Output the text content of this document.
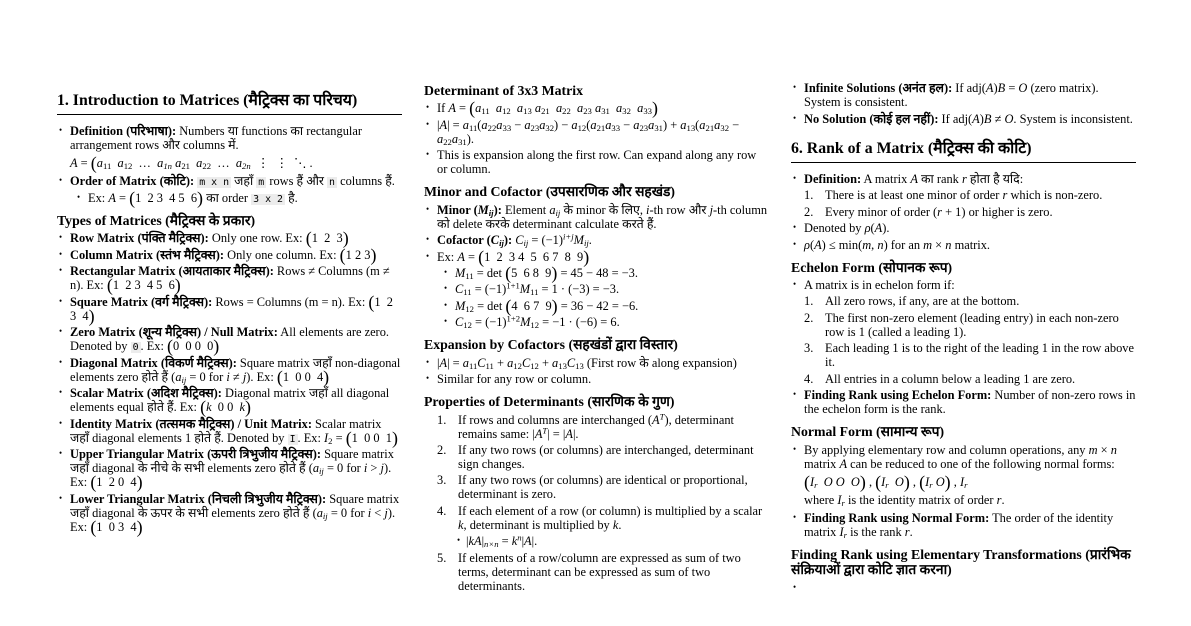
1. Introduction to Matrices (मैट्रिक्स का परिचय)
• Definition (परिभाषा): Numbers या functions का rectangular arrangement rows और columns में.
$A = (a_{11}$ $a_{12}$  …  $a_{1n}$ $a_{21}$ $a_{22}$  …  $a_{2n}$  ⋮  ⋮  ⋱ .
• Order of Matrix (कोटि): m x n जहाँ m rows हैं और n columns हैं.
• Ex: A = (1  2 3  4 5  6) का order 3 x 2 है.
Types of Matrices (मैट्रिक्स के प्रकार)
• Row Matrix (पंक्ति मैट्रिक्स): Only one row. Ex: (1  2  3)
• Column Matrix (स्तंभ मैट्रिक्स): Only one column. Ex: (1 2 3)
• Rectangular Matrix (आयताकार मैट्रिक्स): Rows ≠ Columns (m ≠ n). Ex: (1  2 3  4 5  6)
• Square Matrix (वर्ग मैट्रिक्स): Rows = Columns (m = n). Ex: (1  2 3  4)
• Zero Matrix (शून्य मैट्रिक्स) / Null Matrix: All elements are zero. Denoted by 0 . Ex: (0  0 0  0)
• Diagonal Matrix (विकर्ण मैट्रिक्स): Square matrix जहाँ non-diagonal elements zero होते हैं ($a_{ij} = 0$ for i ≠ j). Ex: (1  0 0  4)
• Scalar Matrix (अदिश मैट्रिक्स): Diagonal matrix जहाँ all diagonal elements equal होते हैं. Ex: (k  0 0  k)
• Identity Matrix (तत्समक मैट्रिक्स) / Unit Matrix: Scalar matrix जहाँ diagonal elements 1 होते हैं. Denoted by I . Ex: $I_2 = (1$  0 0  1)
• Upper Triangular Matrix (ऊपरी त्रिभुजीय मैट्रिक्स): Square matrix जहाँ diagonal के नीचे के सभी elements zero होते हैं ($a_{ij} = 0$ for i > j). Ex: (1  2 0  4)
• Lower Triangular Matrix (निचली त्रिभुजीय मैट्रिक्स): Square matrix जहाँ diagonal के ऊपर के सभी elements zero होते हैं ($a_{ij} = 0$ for i < j). Ex: (1  0 3  4)
Determinant of 3x3 Matrix
• If $A = (a_{11}$ $a_{12}$ $a_{13}$ $a_{21}$ $a_{22}$ $a_{23}$ $a_{31}$ $a_{32}$ $a_{33}$)
• $|A| = a_{11}(a_{22}a_{33} - a_{23}a_{32}) - a_{12}(a_{21}a_{33} - a_{23}a_{31}) + a_{13}(a_{21}a_{32} - a_{22}a_{31})$.
• This is expansion along the first row. Can expand along any row or column.
Minor and Cofactor (उपसारणिक और सहखंड)
• Minor $(M_{ij})$: Element $a_{ij}$ के minor के लिए, i-th row और j-th column को delete करके determinant calculate करते हैं.
• Cofactor $(C_{ij})$: $C_{ij} = (-1)^{i+j}M_{ij}$.
• Ex: A = (1  2  3 4  5  6 7  8  9)
• $M_{11} = \det (5$  6 8  9) = 45 − 48 = −3.
• $C_{11} = (-1)^{1+1}M_{11} = 1 \cdot (-3) = -3$.
• $M_{12} = \det (4$  6 7  9) = 36 − 42 = −6.
• $C_{12} = (-1)^{1+2}M_{12} = -1 \cdot (-6) = 6$.
Expansion by Cofactors (सहखंडों द्वारा विस्तार)
• $|A| = a_{11}C_{11} + a_{12}C_{12} + a_{13}C_{13}$ (First row के along expansion)
• Similar for any row or column.
Properties of Determinants (सारणिक के गुण)
1. If rows and columns are interchanged $(A^T)$, determinant remains same: $|A^T| = |A|$.
2. If any two rows (or columns) are interchanged, determinant sign changes.
3. If any two rows (or columns) are identical or proportional, determinant is zero.
4. If each element of a row (or column) is multiplied by a scalar k, determinant is multiplied by k.
• $|kA|_{n\times n} = k^n|A|$.
5. If elements of a row/column are expressed as sum of two terms, determinant can be expressed as sum of two determinants.
• Infinite Solutions (अनंत हल): If adj(A)B = O (zero matrix). System is consistent.
• No Solution (कोई हल नहीं): If adj(A)B ≠ O. System is inconsistent.
6. Rank of a Matrix (मैट्रिक्स की कोटि)
• Definition: A matrix A का rank r होता है यदि:
1. There is at least one minor of order r which is non-zero.
2. Every minor of order (r + 1) or higher is zero.
• Denoted by ρ(A).
• ρ(A) ≤ min(m, n) for an m × n matrix.
Echelon Form (सोपानक रूप)
• A matrix is in echelon form if:
1. All zero rows, if any, are at the bottom.
2. The first non-zero element (leading entry) in each non-zero row is 1 (called a leading 1).
3. Each leading 1 is to the right of the leading 1 in the row above it.
4. All entries in a column below a leading 1 are zero.
• Finding Rank using Echelon Form: Number of non-zero rows in the echelon form is the rank.
Normal Form (सामान्य रूप)
• By applying elementary row and column operations, any m × n matrix A can be reduced to one of the following normal forms:
($I_r$ O O O) , ($I_r$ O) , ($I_r$ O) , $I_r$
where $I_r$ is the identity matrix of order r.
• Finding Rank using Normal Form: The order of the identity matrix $I_r$ is the rank r.
Finding Rank using Elementary Transformations (प्रारंभिक संक्रियाओं द्वारा कोटि ज्ञात करना)
•
